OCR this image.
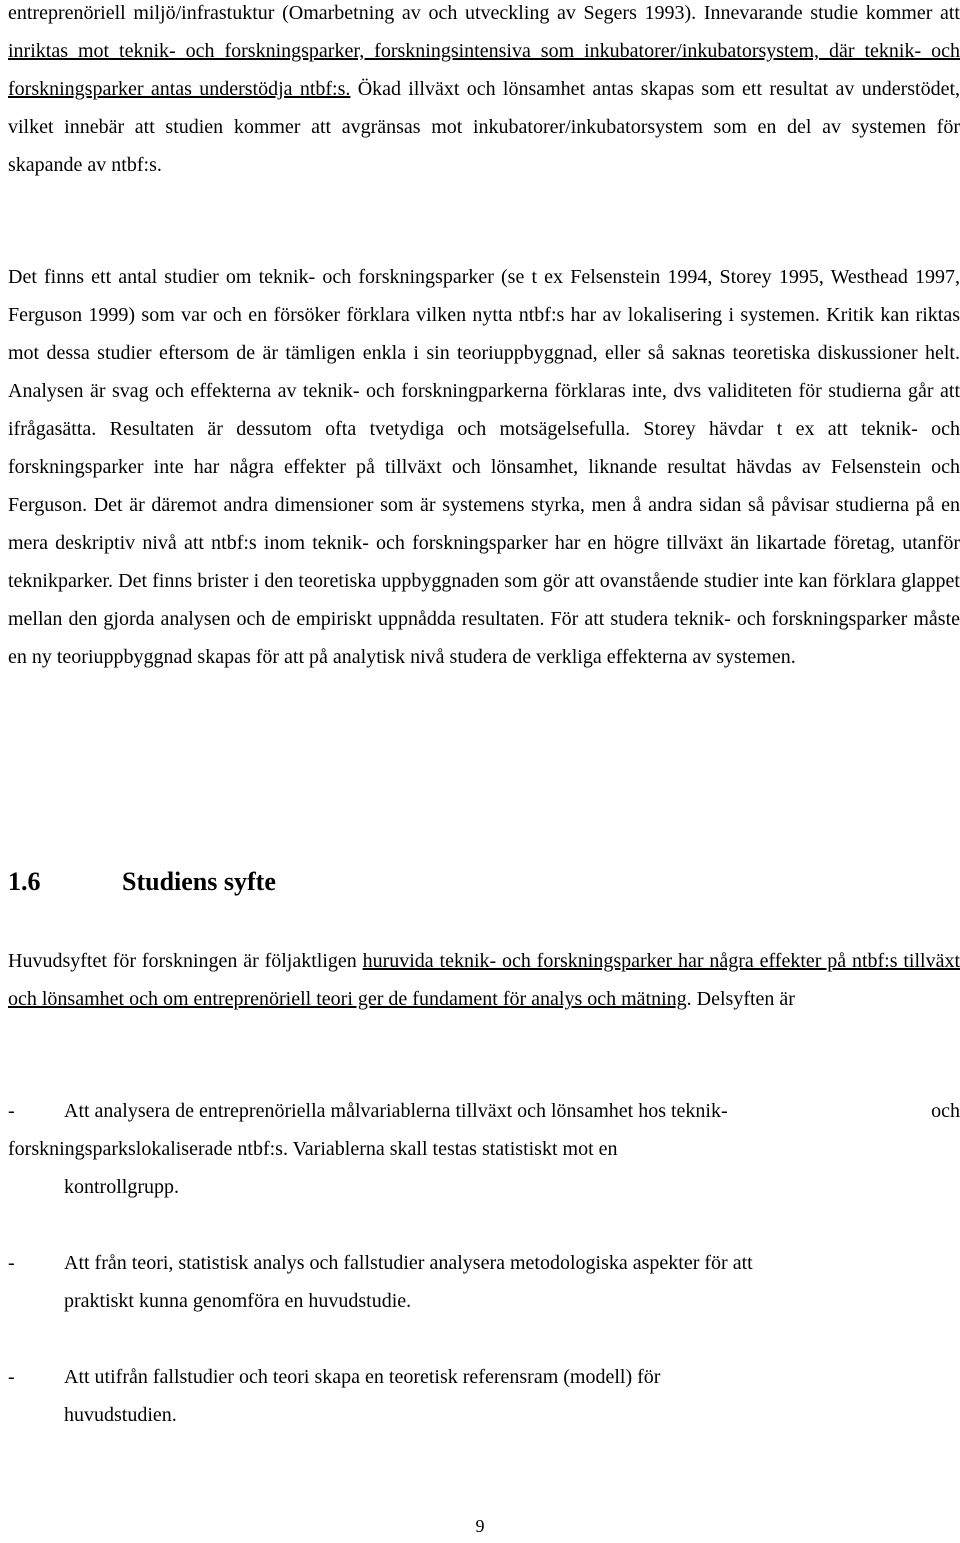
entreprenöriell miljö/infrastuktur (Omarbetning av och utveckling av Segers 1993). Innevarande studie kommer att inriktas mot teknik- och forskningsparker, forskningsintensiva som inkubatorer/inkubatorsystem, där teknik- och forskningsparker antas understödja ntbf:s. Ökad illväxt och lönsamhet antas skapas som ett resultat av understödet, vilket innebär att studien kommer att avgränsas mot inkubatorer/inkubatorsystem som en del av systemen för skapande av ntbf:s.

Det finns ett antal studier om teknik- och forskningsparker (se t ex Felsenstein 1994, Storey 1995, Westhead 1997, Ferguson 1999) som var och en försöker förklara vilken nytta ntbf:s har av lokalisering i systemen. Kritik kan riktas mot dessa studier eftersom de är tämligen enkla i sin teoriuppbyggnad, eller så saknas teoretiska diskussioner helt. Analysen är svag och effekterna av teknik- och forskningparkerna förklaras inte, dvs validiteten för studierna går att ifrågasätta. Resultaten är dessutom ofta tvetydiga och motsägelsefulla. Storey hävdar t ex att teknik- och forskningsparker inte har några effekter på tillväxt och lönsamhet, liknande resultat hävdas av Felsenstein och Ferguson. Det är däremot andra dimensioner som är systemens styrka, men å andra sidan så påvisar studierna på en mera deskriptiv nivå att ntbf:s inom teknik- och forskningsparker har en högre tillväxt än likartade företag, utanför teknikparker. Det finns brister i den teoretiska uppbyggnaden som gör att ovanstående studier inte kan förklara glappet mellan den gjorda analysen och de empiriskt uppnådda resultaten. För att studera teknik- och forskningsparker måste en ny teoriuppbyggnad skapas för att på analytisk nivå studera de verkliga effekterna av systemen.

1.6	Studiens syfte

Huvudsyftet för forskningen är följaktligen huruvida teknik- och forskningsparker har några effekter på ntbf:s tillväxt och lönsamhet och om entreprenöriell teori ger de fundament för analys och mätning. Delsyften är

- Att analysera de entreprenöriella målvariablerna tillväxt och lönsamhet hos teknik-	och
forskningsparkslokaliserade ntbf:s. Variablerna skall testas statistiskt mot en
kontrollgrupp.
- Att från teori, statistisk analys och fallstudier analysera metodologiska aspekter för att
praktiskt kunna genomföra en huvudstudie.
- Att utifrån fallstudier och teori skapa en teoretisk referensram (modell) för
huvudstudien.

9
